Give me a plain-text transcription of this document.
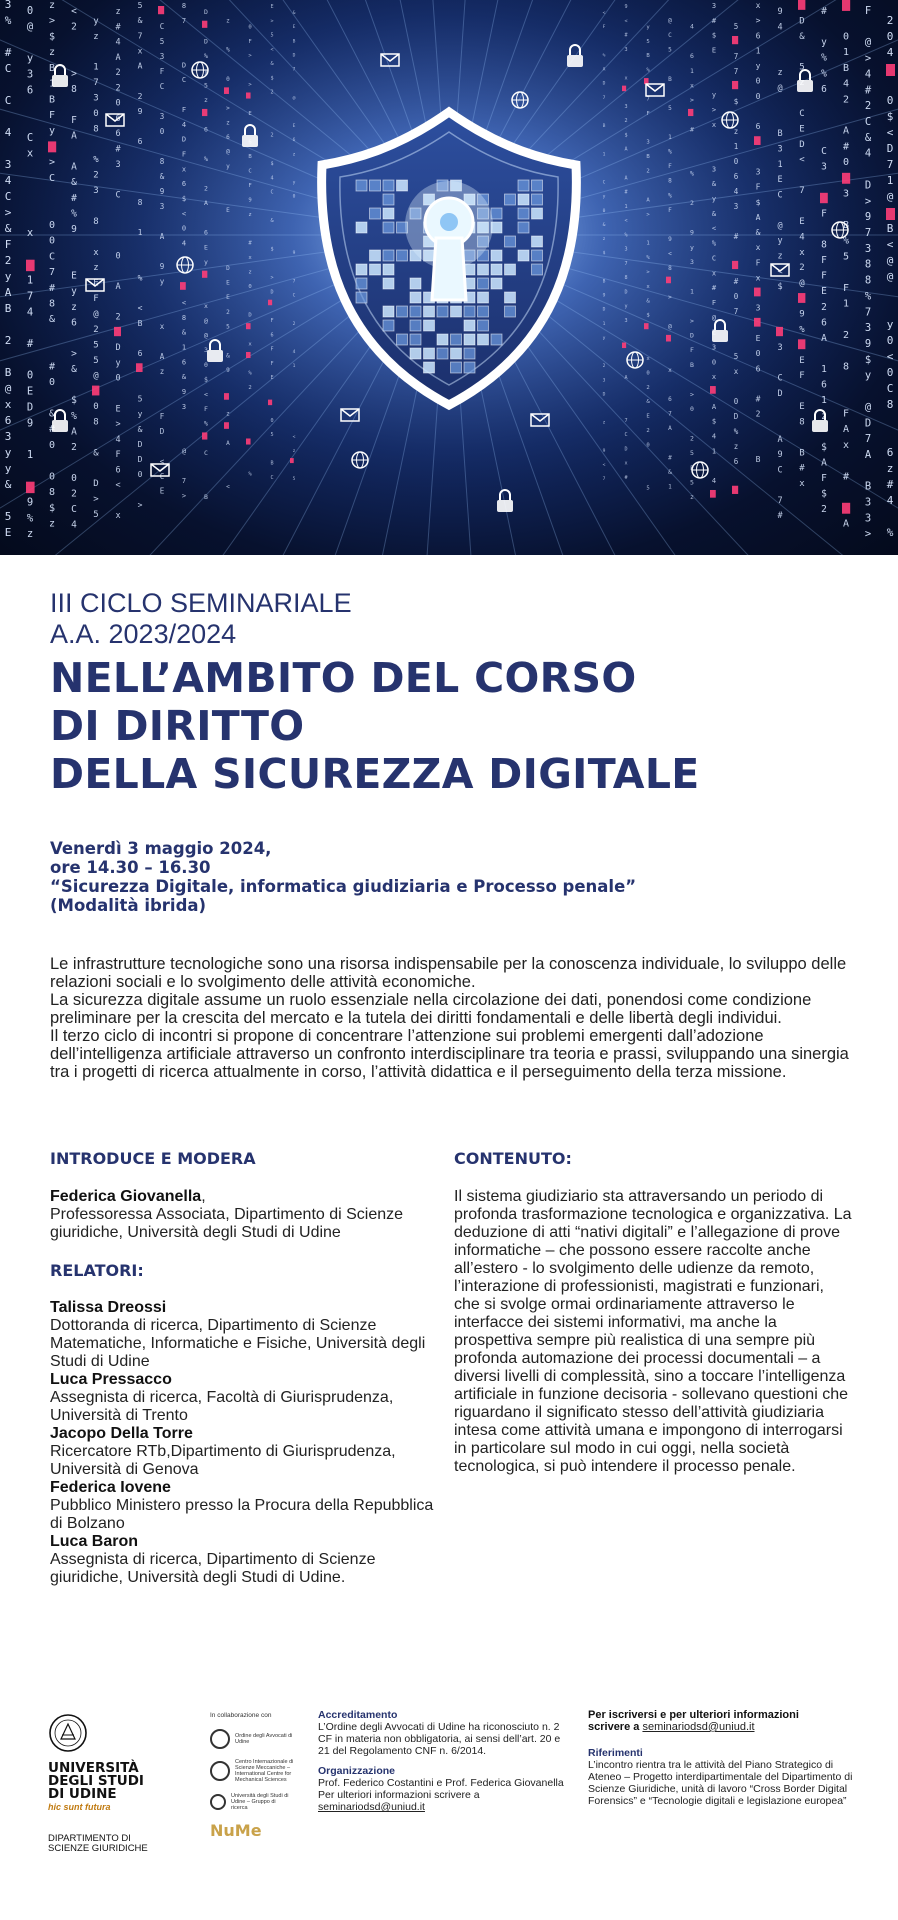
3
%
#
C
C
4
3
4
C
>
&
F
2
y
A
B
2
B
@
x
6
3
y
y
&
5
E
0
@
y
3
6
C
x
x
1
7
4
#
0
E
D
9
1
9
%
z
z
>
$
z
B
B
F
y
>
C
0
0
C
7
#
8
&
#
0
&
0
0
8
$
z
<
2
>
8
F
A
A
&
#
%
9
E
y
z
6
>
&
$
%
A
2
0
2
C
4
y
z
1
7
3
0
8
%
2
3
8
x
z
E
F
@
2
5
5
@
0
8
&
D
>
5
z
#
4
A
2
2
0
6
6
#
3
C
0
A
2
D
y
0
E
>
4
F
6
<
x
5
&
7
x
A
2
9
6
8
1
%
<
B
6
5
y
&
D
D
0
>
C
5
3
F
C
3
0
8
&
9
3
A
9
y
x
A
z
F
D
<
C
E
8
7
D
C
F
4
D
F
x
6
$
<
0
4
<
8
&
1
6
&
9
3
@
7
>
D
D
%
y
5
z
6
%
2
A
6
E
y
x
@
@
3
0
$
<
F
%
C
B
z
%
0
>
z
6
@
y
E
D
E
E
2
5
&
9
z
A
<
0
F
>
>
E
B
C
F
9
z
#
x
z
0
D
x
%
2
%
E
>
5
<
&
$
2
2
$
4
C
&
$
>
D
F
6
F
F
E
0
5
B
C
&
E
B
D
7
@
E
6
z
y
0
9
7
C
2
4
1
<
z
5
2
0
4
0
$
<
D
7
1
@
B
<
@
@
y
0
<
0
C
8
6
z
#
4
%
F
@
>
4
#
2
C
&
4
D
>
9
7
3
8
8
%
7
3
9
$
y
@
D
7
A
B
3
3
>
0
1
B
4
2
A
#
0
3
B
%
5
F
1
2
8
F
A
x
#
A
#
y
%
%
6
C
3
F
8
F
F
E
2
6
A
1
6
1
z
$
A
F
$
2
D
&
5
C
E
D
<
7
E
4
x
2
@
9
%
E
F
E
8
B
#
x
9
4
z
@
B
3
1
E
C
@
y
z
<
$
3
C
D
A
9
C
7
#
x
>
6
1
y
0
0
6
3
F
$
A
&
x
F
x
3
E
0
6
#
2
B
5
7
7
$
z
1
0
6
4
3
#
#
0
7
5
x
0
D
%
z
6
3
#
$
E
y
>
x
3
&
y
&
<
%
C
x
#
F
@
3
0
x
A
$
4
1
4
4
6
1
x
>
#
%
2
9
y
3
1
>
D
F
B
>
0
2
5
F
5
z
@
C
5
B
5
1
%
F
8
%
F
9
<
8
>
@
x
6
7
A
#
&
1
y
5
B
%
7
F
3
B
2
A
>
1
%
>
x
&
$
x
0
2
&
E
2
0
5
9
<
#
3
x
3
2
$
A
A
#
1
<
%
3
7
8
D
y
3
A
7
C
D
x
#
<
F
%
A
D
7
B
1
C
y
0
&
z
$
B
9
D
1
y
2
3
D
z
9
<
7
III CICLO SEMINARIALE
A.A. 2023/2024
NELL’AMBITO DEL CORSO
DI DIRITTO
DELLA SICUREZZA DIGITALE
Venerdì 3 maggio 2024,
ore 14.30 – 16.30
“Sicurezza Digitale, informatica giudiziaria e Processo penale”
(Modalità ibrida)

Le infrastrutture tecnologiche sono una risorsa indispensabile per la conoscenza individuale, lo sviluppo delle relazioni sociali e lo svolgimento delle attività economiche.

La sicurezza digitale assume un ruolo essenziale nella circolazione dei dati, ponendosi come condizione preliminare per la crescita del mercato e la tutela dei diritti fondamentali e delle libertà degli individui.

Il terzo ciclo di incontri si propone di concentrare l’attenzione sui problemi emergenti dall’adozione dell’intelligenza artificiale attraverso un confronto interdisciplinare tra teoria e prassi, sviluppando una sinergia tra i progetti di ricerca attualmente in corso, l’attività didattica e il perseguimento della terza missione.

INTRODUCE E MODERA
Federica Giovanella,
Professoressa Associata, Dipartimento di Scienze giuridiche, Università degli Studi di Udine
RELATORI:
Talissa Dreossi
Dottoranda di ricerca, Dipartimento di Scienze Matematiche, Informatiche e Fisiche, Università degli Studi di Udine
Luca Pressacco
Assegnista di ricerca, Facoltà di Giurisprudenza, Università di Trento
Jacopo Della Torre
Ricercatore RTb,Dipartimento di Giurisprudenza, Università di Genova
Federica Iovene
Pubblico Ministero presso la Procura della Repubblica di Bolzano
Luca Baron
Assegnista di ricerca, Dipartimento di Scienze giuridiche, Università degli Studi di Udine.
CONTENUTO:
Il sistema giudiziario sta attraversando un periodo di profonda trasformazione tecnologica e organizzativa. La deduzione di atti “nativi digitali” e l’allegazione di prove informatiche – che possono essere raccolte anche all’estero - lo svolgimento delle udienze da remoto, l’interazione di professionisti, magistrati e funzionari, che si svolge ormai ordinariamente attraverso le interfacce dei sistemi informativi, ma anche la prospettiva sempre più realistica di una sempre più profonda automazione dei processi documentali – a diversi livelli di complessità, sino a toccare l’intelligenza artificiale in funzione decisoria - sollevano questioni che riguardano il significato stesso dell’attività giudiziaria intesa come attività umana e impongono di interrogarsi in particolare sul modo in cui oggi, nella società tecnologica, si può intendere il processo penale.
UNIVERSITÀ
DEGLI STUDI
DI UDINE
hic sunt futura
DIPARTIMENTO DI
SCIENZE GIURIDICHE
In collaborazione con
Ordine degli Avvocati di Udine
Centro Internazionale di Scienze Meccaniche – International Centre for Mechanical Sciences
Università degli Studi di Udine – Gruppo di ricerca
NuMe
Accreditamento
L’Ordine degli Avvocati di Udine ha riconosciuto n. 2 CF in materia non obbligatoria, ai sensi dell’art. 20 e 21 del Regolamento CNF n. 6/2014.
Organizzazione
Prof. Federico Costantini e Prof. Federica Giovanella Per ulteriori informazioni scrivere a
seminariodsd@uniud.it
Per iscriversi e per ulteriori informazioni
scrivere a seminariodsd@uniud.it
Riferimenti
L’incontro rientra tra le attività del Piano Strategico di Ateneo – Progetto interdipartimentale del Dipartimento di Scienze Giuridiche, unità di lavoro “Cross Border Digital Forensics” e “Tecnologie digitali e legislazione europea”
